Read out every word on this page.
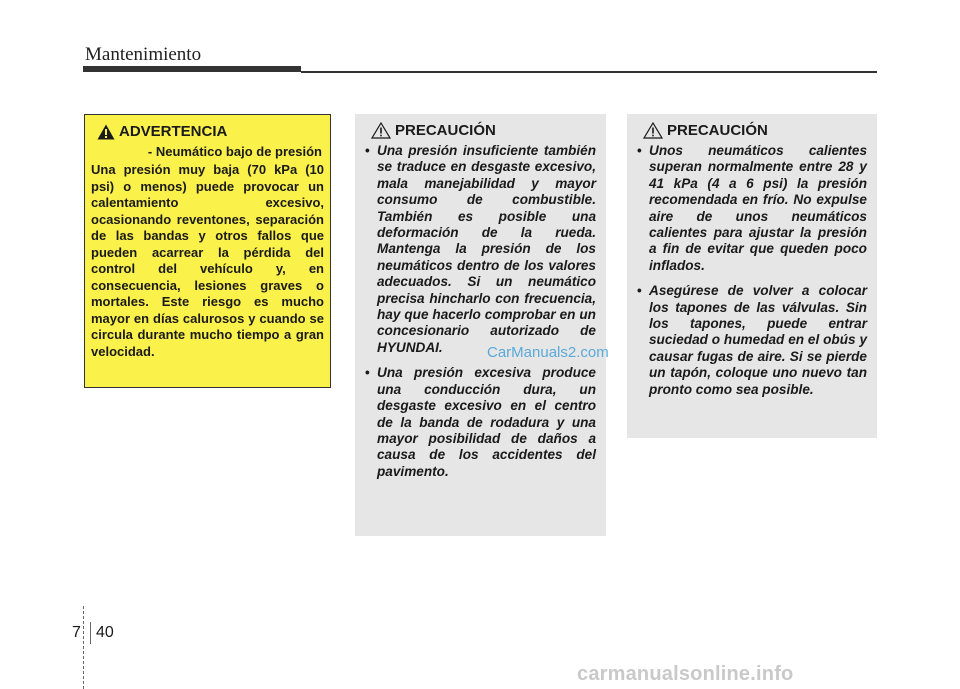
Mantenimiento
ADVERTENCIA
- Neumático bajo de presión
Una presión muy baja (70 kPa (10 psi) o menos) puede provocar un calentamiento excesivo, ocasionando reventones, separación de las bandas y otros fallos que pueden acarrear la pérdida del control del vehículo y, en consecuencia, lesiones graves o mortales. Este riesgo es mucho mayor en días calurosos y cuando se circula durante mucho tiempo a gran velocidad.
PRECAUCIÓN
• Una presión insuficiente también se traduce en desgaste excesivo, mala manejabilidad y mayor consumo de combustible. También es posible una deformación de la rueda. Mantenga la presión de los neumáticos dentro de los valores adecuados. Si un neumático precisa hincharlo con frecuencia, hay que hacerlo comprobar en un concesionario autorizado de HYUNDAI.
• Una presión excesiva produce una conducción dura, un desgaste excesivo en el centro de la banda de rodadura y una mayor posibilidad de daños a causa de los accidentes del pavimento.
PRECAUCIÓN
• Unos neumáticos calientes superan normalmente entre 28 y 41 kPa (4 a 6 psi) la presión recomendada en frío. No expulse aire de unos neumáticos calientes para ajustar la presión a fin de evitar que queden poco inflados.
• Asegúrese de volver a colocar los tapones de las válvulas. Sin los tapones, puede entrar suciedad o humedad en el obús y causar fugas de aire. Si se pierde un tapón, coloque uno nuevo tan pronto como sea posible.
CarManuals2.com
7 40
carmanualsonline.info
